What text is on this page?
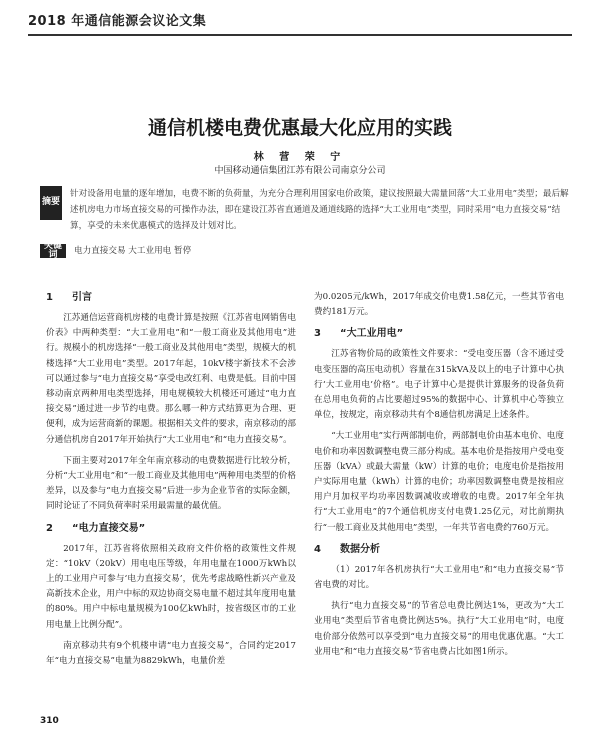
2018 年通信能源会议论文集
通信机楼电费优惠最大化应用的实践
林 营 荣 宁
中国移动通信集团江苏有限公司南京分公司
摘要
针对设备用电量的逐年增加，电费不断的负荷量，为充分合理利用国家电价政策，建议按照最大需量回落“大工业用电”类型；最后解述机房电力市场直接交易的可操作办法，即在建设江苏省直通道及通道线路的选择“大工业用电”类型，同时采用“电力直接交易”结算，享受的未来优惠模式的选择及计划对比。
关键词	电力直接交易 大工业用电 暂停
1 引言

江苏通信运营商机房楼的电费计算是按照《江苏省电网销售电价表》中两种类型：“大工业用电”和“一般工商业及其他用电”进行。规模小的机房选择“一般工商业及其他用电”类型，规模大的机楼选择“大工业用电”类型。2017年起，10kV楼宇新技术不会涉可以通过参与“电力直接交易”享受电改红利、电费是低。目前中国移动南京两种用电类型选择，用电规模较大机楼还可通过“电力直接交易”通过进一步节约电费。那么哪一种方式结算更为合理、更便利，成为运营商新的课题。根据相关文件的要求，南京移动的部分通信机房自2017年开始执行“大工业用电”和“电力直接交易”。

下面主要对2017年全年南京移动的电费数据进行比较分析，分析“大工业用电”和“一般工商业及其他用电”两种用电类型的价格差异，以及参与“电力直接交易”后进一步为企业节省的实际金额，同时论证了不同负荷率时采用最需量的最优值。

2 “电力直接交易”

2017年，江苏省将依照相关政府文件价格的政策性文件规定：“10kV（20kV）用电电压等级，年用电量在1000万kWh以上的工业用户可参与‘电力直接交易’，优先考虑战略性新兴产业及高新技术企业，用户中标的双边协商交易电量不超过其年度用电量的80%。用户中标电量规模为100亿kWh时，按省级区市的工业用电量上比例分配”。

南京移动共有9个机楼申请“电力直接交易”，合同约定2017年“电力直接交易”电量为8829kWh，电量价差

为0.0205元/kWh，2017年成交价电费1.58亿元，一些其节省电费约181万元。

3 “大工业用电”

江苏省物价局的政策性文件要求：“受电变压器（含不通过受电变压器的高压电动机）容量在315kVA及以上的电子计算中心执行‘大工业用电’价格”。电子计算中心是提供计算服务的设备负荷在总用电负荷的占比要超过95%的数据中心、计算机中心等独立单位，按规定，南京移动共有个8通信机房满足上述条件。

“大工业用电”实行两部制电价，两部制电价由基本电价、电度电价和功率因数调整电费三部分构成。基本电价是指按用户受电变压器（kVA）或最大需量（kW）计算的电价；电度电价是指按用户实际用电量（kWh）计算的电价；功率因数调整电费是按相应用户月加权平均功率因数调减收或增收的电费。2017年全年执行“大工业用电”的7个通信机房支付电费1.25亿元，对比前期执行“一般工商业及其他用电”类型，一年共节省电费约760万元。

4 数据分析

（1）2017年各机房执行“大工业用电”和“电力直接交易”节省电费的对比。

执行“电力直接交易”的节省总电费比例达1%，更改为“大工业用电”类型后节省电费比例达5%。执行“大工业用电”时，电度电价部分依然可以享受到“电力直接交易”的用电优惠优惠。“大工业用电”和“电力直接交易”节省电费占比如图1所示。

310
